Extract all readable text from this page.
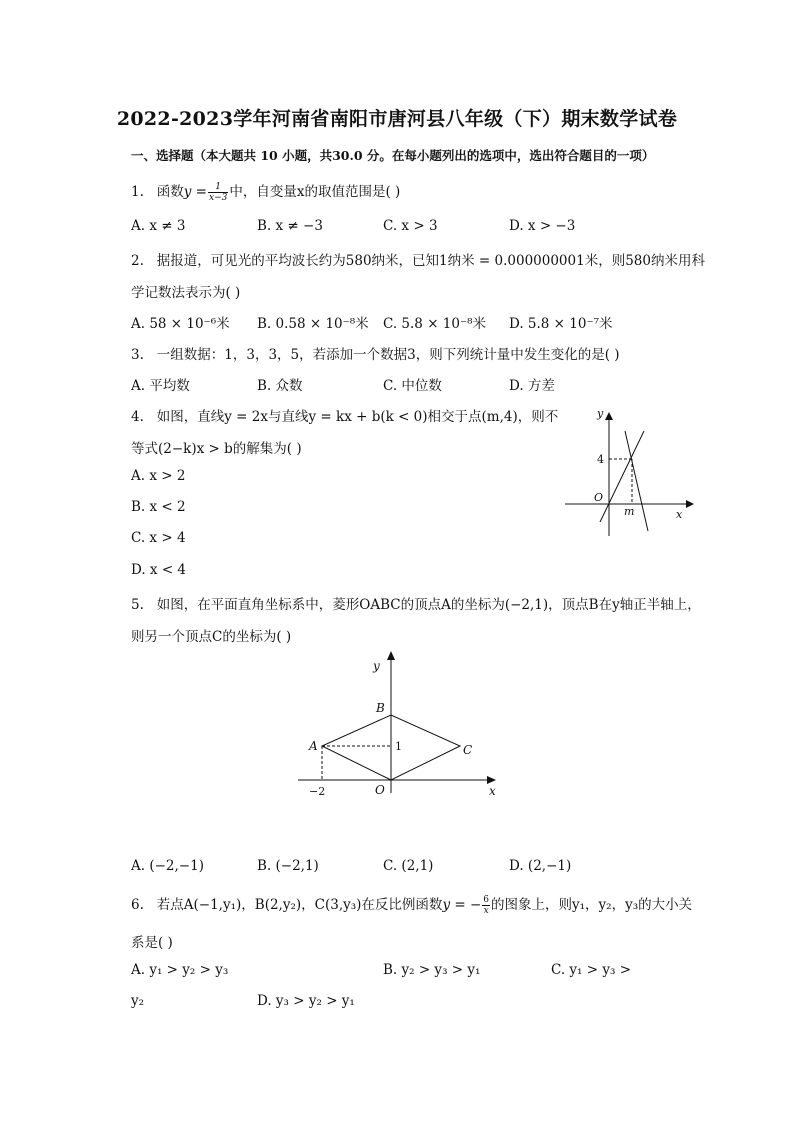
2022-2023学年河南省南阳市唐河县八年级（下）期末数学试卷
一、选择题（本大题共 10 小题，共30.0 分。在每小题列出的选项中，选出符合题目的一项）
1. 函数$y = \frac{1}{x-3}$ 中，自变量x的取值范围是( )
A. x ≠ 3	B. x ≠ −3	C. x > 3	D. x > −3
2. 据报道，可见光的平均波长约为580纳米，已知1纳米 = 0.000000001米，则580纳米用科
学记数法表示为( )
A. 58 × 10⁻⁶米 B. 0.58 × 10⁻⁸米 C. 5.8 × 10⁻⁸米 D. 5.8 × 10⁻⁷米
3. 一组数据：1，3，3，5，若添加一个数据3，则下列统计量中发生变化的是( )
A. 平均数	B. 众数	C. 中位数	D. 方差
4. 如图，直线y = 2x与直线y = kx + b(k < 0)相交于点(m,4)，则不
等式(2−k)x > b的解集为( )
A. x > 2
B. x < 2
C. x > 4
D. x < 4
y
x
O
m
4
5. 如图，在平面直角坐标系中，菱形OABC的顶点A的坐标为(−2,1)，顶点B在y轴正半轴上，
则另一个顶点C的坐标为( )
y
x
O
A
B
C
1
−2
A. (−2,−1)	B. (−2,1)	C. (2,1)	D. (2,−1)
6. 若点A(−1,y₁)，B(2,y₂)，C(3,y₃)在反比例函数y = − $\frac{6}{x}$ 的图象上，则y₁，y₂，y₃的大小关
系是( )
A. y₁ > y₂ > y₃	B. y₂ > y₃ > y₁	C. y₁ > y₃ >
y₂	D. y₃ > y₂ > y₁
